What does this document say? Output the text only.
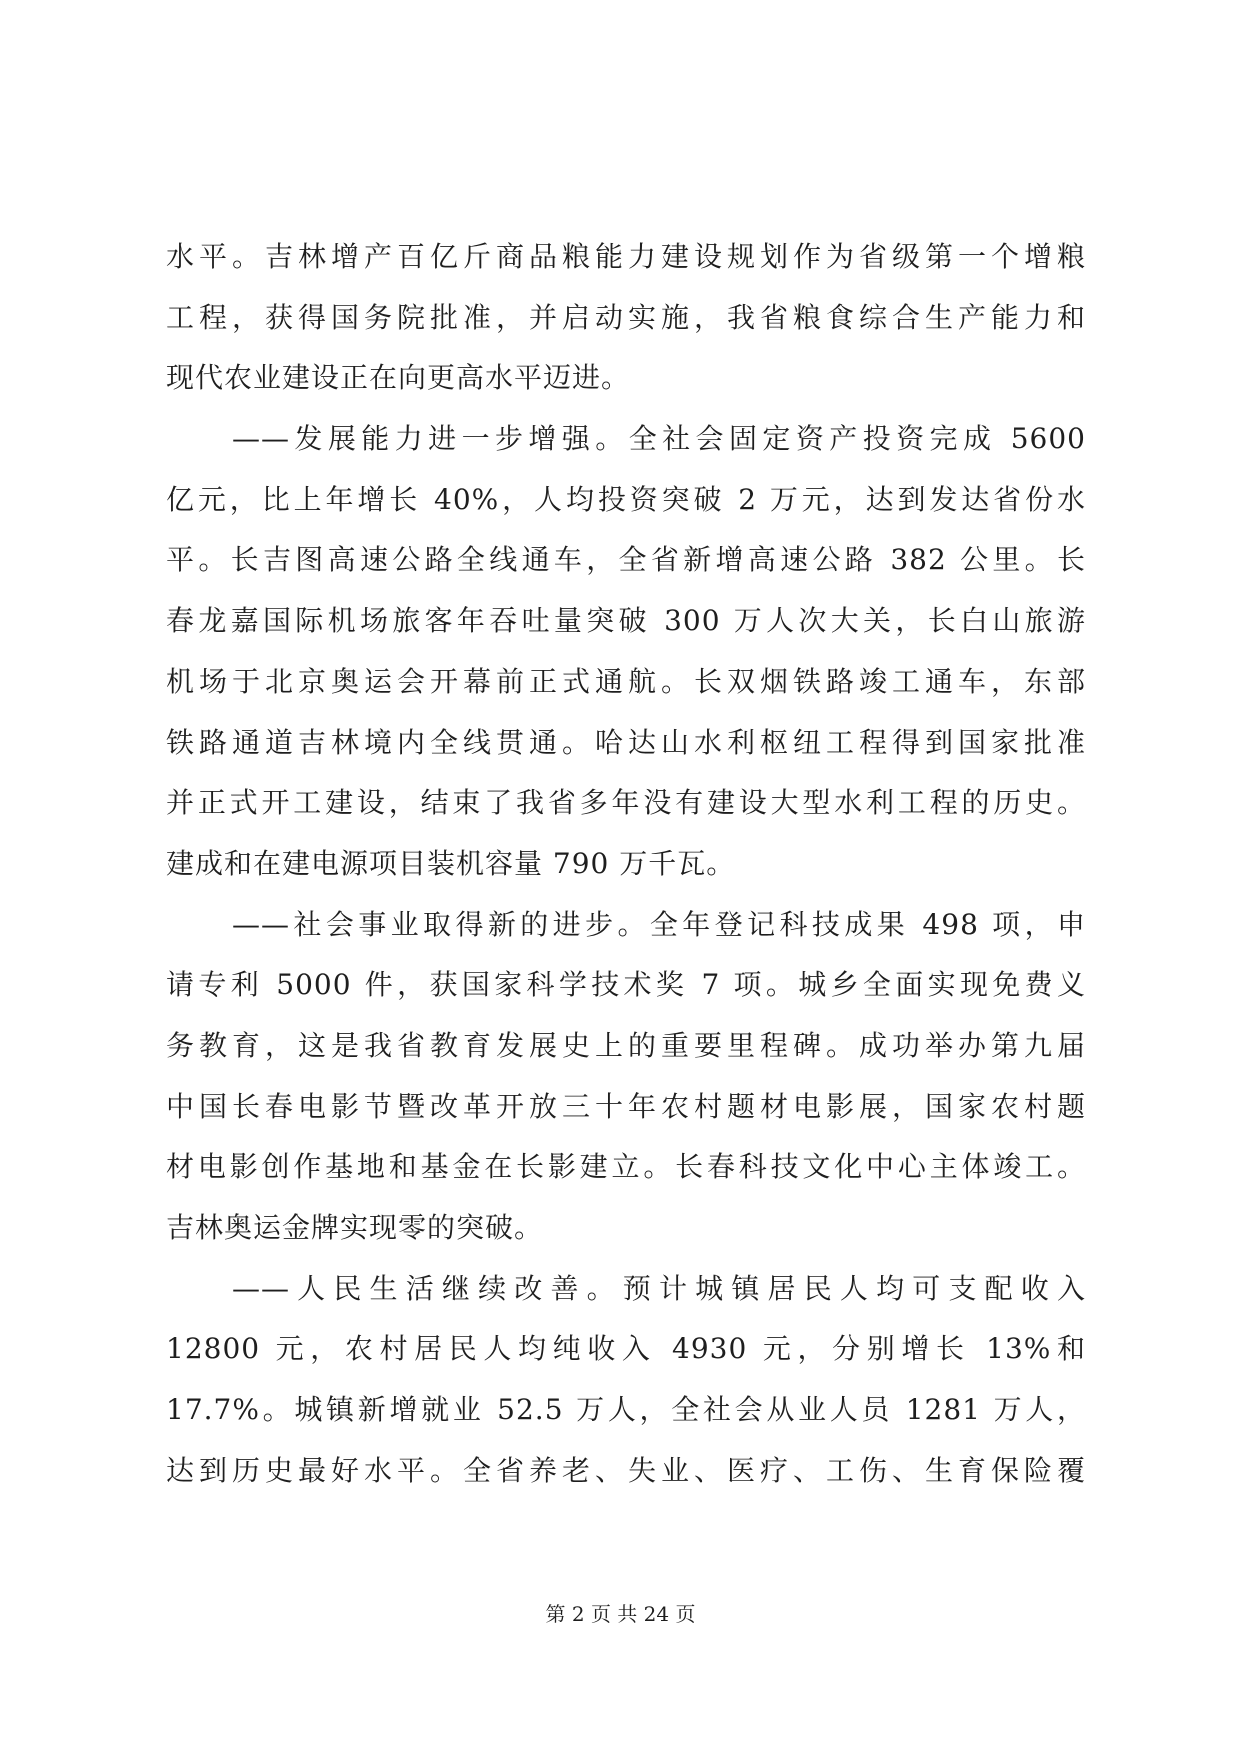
水平。吉林增产百亿斤商品粮能力建设规划作为省级第一个增粮
工程，获得国务院批准，并启动实施，我省粮食综合生产能力和
现代农业建设正在向更高水平迈进。
——发展能力进一步增强。全社会固定资产投资完成 5600
亿元，比上年增长 40%，人均投资突破 2 万元，达到发达省份水
平。长吉图高速公路全线通车，全省新增高速公路 382 公里。长
春龙嘉国际机场旅客年吞吐量突破 300 万人次大关，长白山旅游
机场于北京奥运会开幕前正式通航。长双烟铁路竣工通车，东部
铁路通道吉林境内全线贯通。哈达山水利枢纽工程得到国家批准
并正式开工建设，结束了我省多年没有建设大型水利工程的历史。
建成和在建电源项目装机容量 790 万千瓦。
——社会事业取得新的进步。全年登记科技成果 498 项，申
请专利 5000 件，获国家科学技术奖 7 项。城乡全面实现免费义
务教育，这是我省教育发展史上的重要里程碑。成功举办第九届
中国长春电影节暨改革开放三十年农村题材电影展，国家农村题
材电影创作基地和基金在长影建立。长春科技文化中心主体竣工。
吉林奥运金牌实现零的突破。
——人民生活继续改善。预计城镇居民人均可支配收入
12800 元，农村居民人均纯收入 4930 元，分别增长 13%和
17.7%。城镇新增就业 52.5 万人，全社会从业人员 1281 万人，
达到历史最好水平。全省养老、失业、医疗、工伤、生育保险覆
第 2 页 共 24 页
